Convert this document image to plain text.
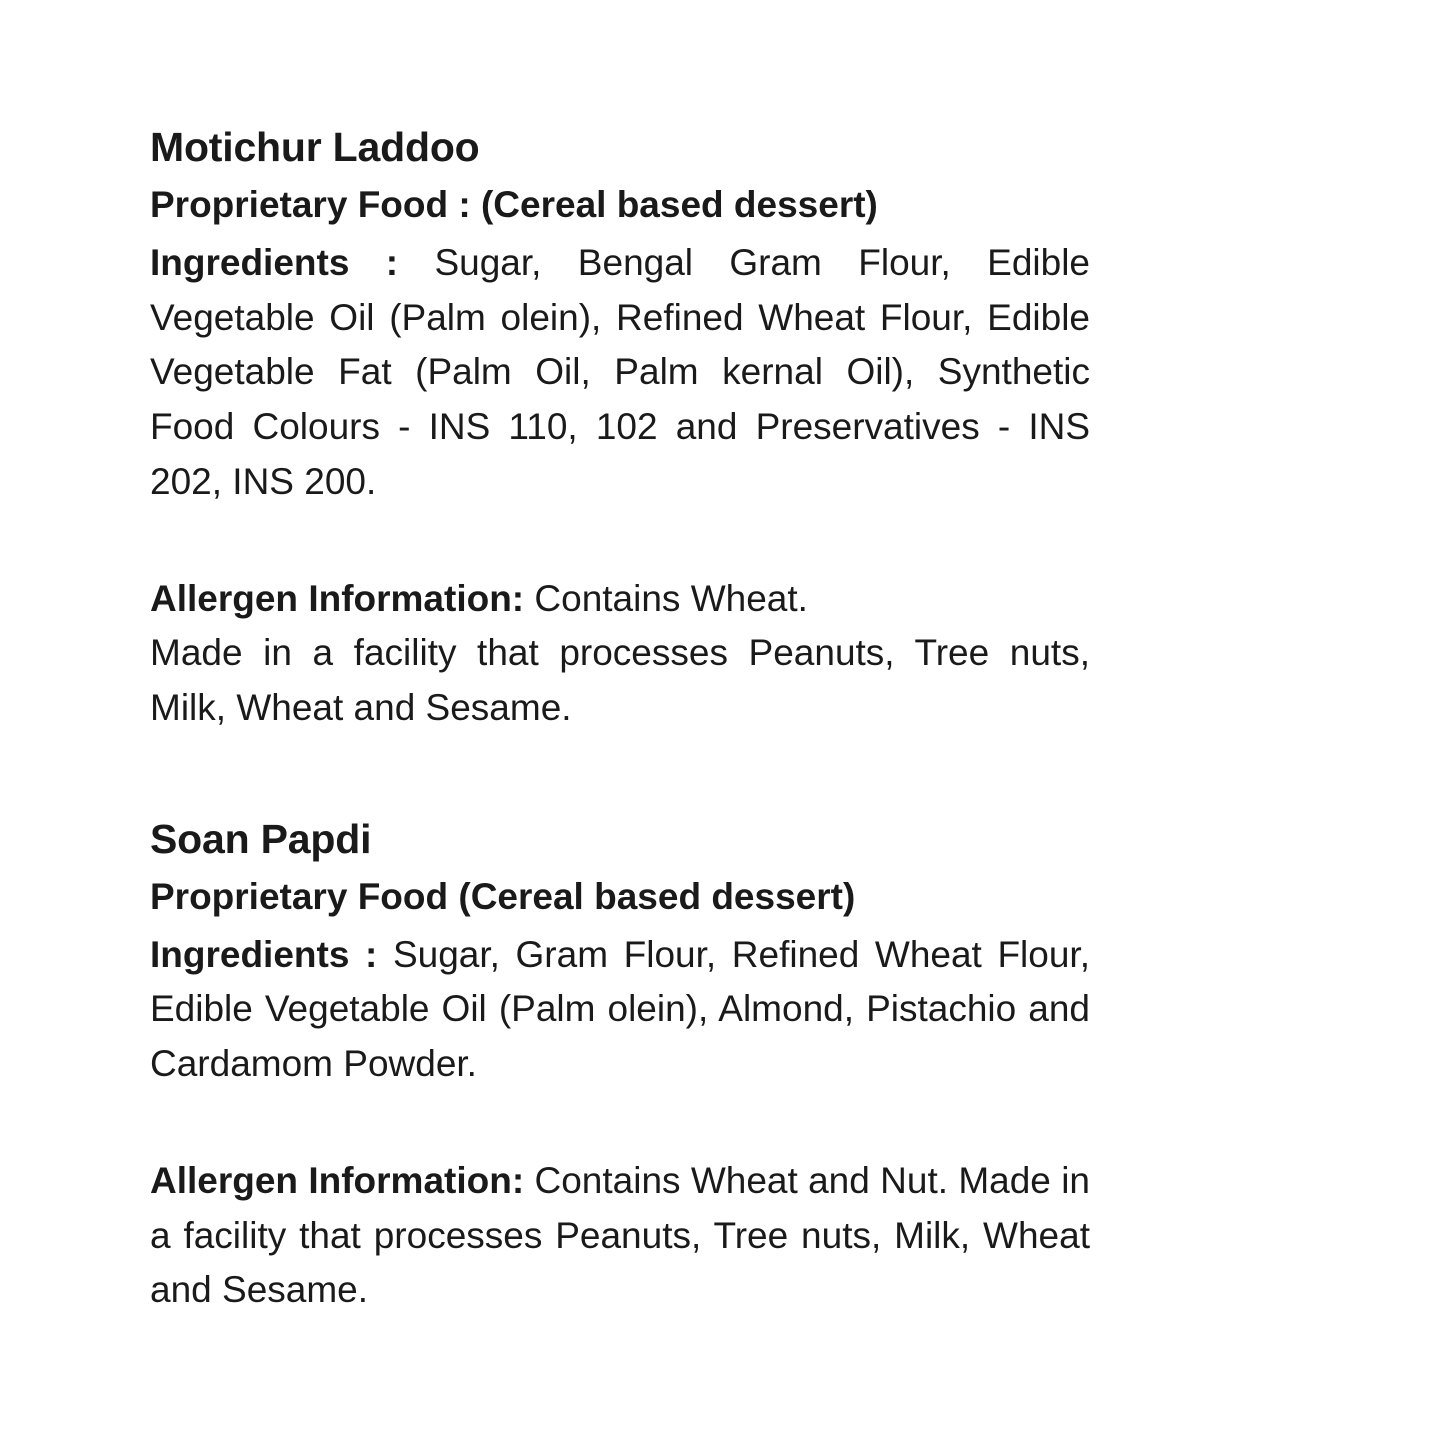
Motichur Laddoo
Proprietary Food : (Cereal based dessert)

Ingredients : Sugar, Bengal Gram Flour, Edible Vegetable Oil (Palm olein), Refined Wheat Flour, Edible Vegetable Fat (Palm Oil, Palm kernal Oil), Synthetic Food Colours - INS 110, 102 and Preservatives - INS 202, INS 200.

Allergen Information: Contains Wheat.

Made in a facility that processes Peanuts, Tree nuts, Milk, Wheat and Sesame.

Soan Papdi
Proprietary Food (Cereal based dessert)

Ingredients : Sugar, Gram Flour, Refined Wheat Flour, Edible Vegetable Oil (Palm olein), Almond, Pistachio and Cardamom Powder.

Allergen Information: Contains Wheat and Nut. Made in a facility that processes Peanuts, Tree nuts, Milk, Wheat and Sesame.
